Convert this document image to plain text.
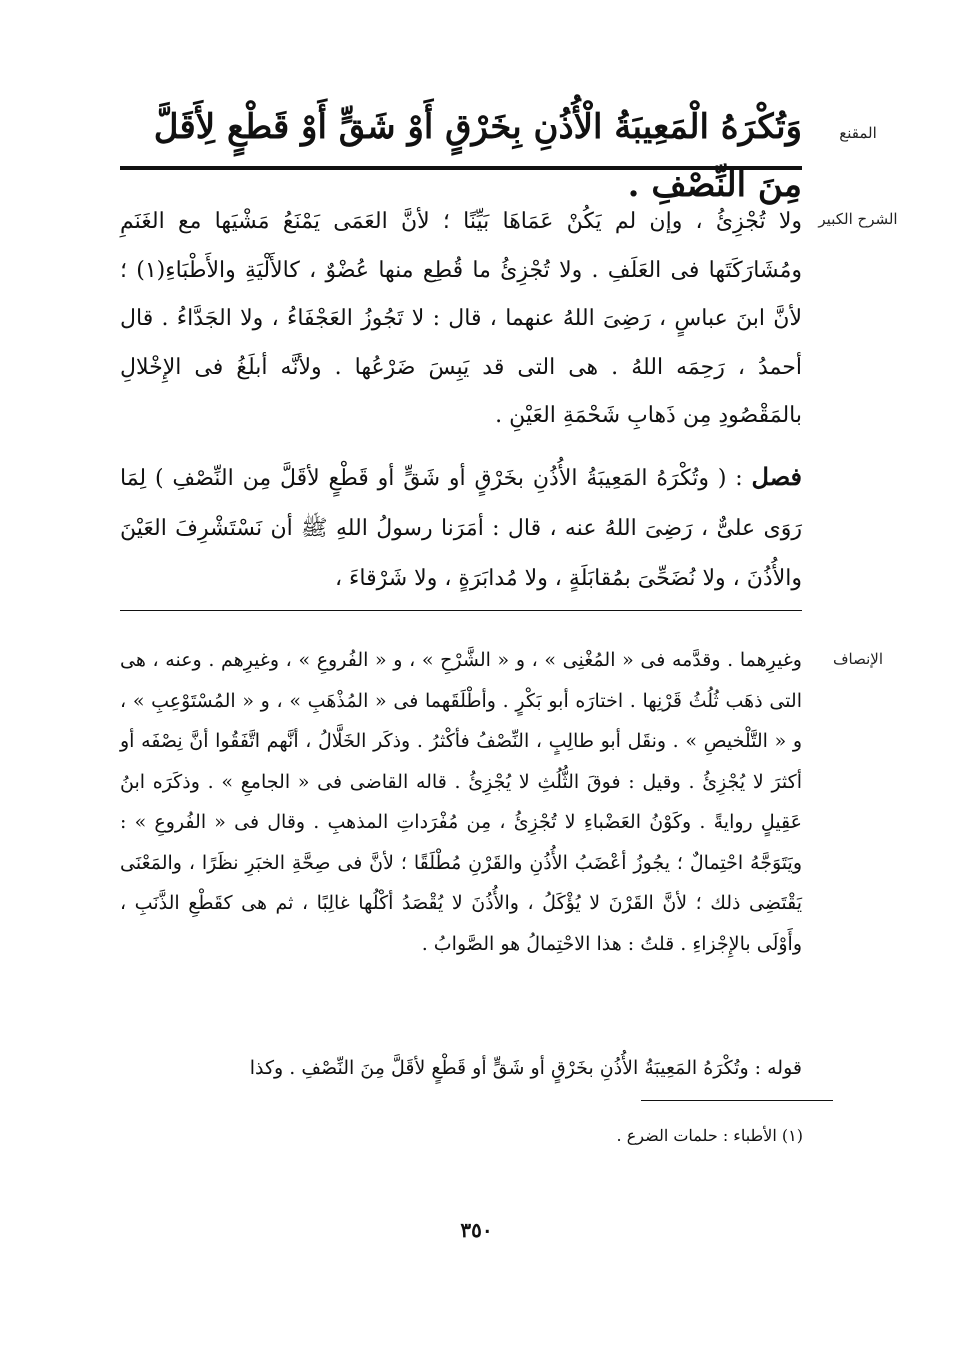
المقنع
وَتُكْرَهُ الْمَعِيبَةُ الْأُذُنِ بِخَرْقٍ أَوْ شَقٍّ أَوْ قَطْعٍ لِأَقَلَّ مِنَ النِّصْفِ .
الشرح الكبير
ولا تُجْزِئُ ، وإن لم يَكُنْ عَمَاهَا بَيِّنًا ؛ لأنَّ العَمَى يَمْنَعُ مَشْيَها مع الغَنَمِ ومُشَارَكَتَها فى العَلَفِ . ولا تُجْزِئُ ما قُطِع منها عُضْوٌ ، كالأَلْيَةِ والأَطْبَاءِ(١) ؛ لأنَّ ابنَ عباسٍ ، رَضِىَ اللهُ عنهما ، قال : لا تَجُوزُ العَجْفَاءُ ، ولا الجَدَّاءُ . قال أحمدُ ، رَحِمَه اللهُ . هى التى قد يَبِسَ ضَرْعُها . ولأنَّه أبلَغُ فى الإِخْلالِ بالمَقْصُودِ مِن ذَهابِ شَحْمَةِ العَيْنِ .

فصل : ( وتُكْرَهُ المَعِيبَةُ الأُذُنِ بخَرْقٍ أو شَقٍّ أو قَطْعٍ لأقَلَّ مِن النِّصْفِ ) لِمَا رَوَى علىٌّ ، رَضِىَ اللهُ عنه ، قال : أمَرَنا رسولُ اللهِ ﷺ أن نَسْتَشْرِفَ العَيْنَ والأُذُنَ ، ولا نُضَحِّىَ بمُقابَلَةٍ ، ولا مُدابَرَةٍ ، ولا شَرْقاءَ ،

الإنصاف
وغيرِهما . وقدَّمه فى « المُغْنِى » ، و « الشَّرْحِ » ، و « الفُروعِ » ، وغيرِهم . وعنه ، هى التى ذهَب ثُلُثُ قَرْنِها . اختارَه أبو بَكْرٍ . وأطْلَقَهما فى « المُذْهَبِ » ، و « المُسْتَوْعِبِ » ، و « التَّلْخيصِ » . ونقَل أبو طالِبٍ ، النِّصْفُ فأكْثرُ . وذكَر الخَلَّالُ ، أنَّهم اتَّفَقُوا أنَّ نِصْفَه أو أكثرَ لا يُجْزِئُ . وقيل : فوقَ الثُّلُثِ لا يُجْزِئُ . قاله القاضى فى « الجامعِ » . وذكَرَه ابنُ عَقِيلٍ روايةً . وكَوْنُ العَضْباءِ لا تُجْزِئُ ، مِن مُفْرَداتِ المذهبِ . وقال فى « الفُروعِ » : ويَتَوَجَّهُ احْتِمالٌ ؛ يجُوزُ أعْضَبُ الأُذُنِ والقَرْنِ مُطْلَقًا ؛ لأنَّ فى صِحَّةِ الخبَرِ نظَرًا ، والمَعْنَى يَقْتَضِى ذلك ؛ لأنَّ القَرْنَ لا يُؤْكَلُ ، والأُذُنَ لا يُقْصَدُ أكْلُها غالِبًا ، ثم هى كقَطْعِ الذَّنَبِ ، وأَوْلَى بالإِجْزاءِ . قلتُ : هذا الاحْتِمالُ هو الصَّوابُ .
قوله : وتُكْرَهُ المَعِيبَةُ الأُذُنِ بخَرْقٍ أو شَقٍّ أو قَطْعٍ لأقَلَّ مِنَ النِّصْفِ . وكذا
(١) الأطباء : حلمات الضرع .
٣٥٠
